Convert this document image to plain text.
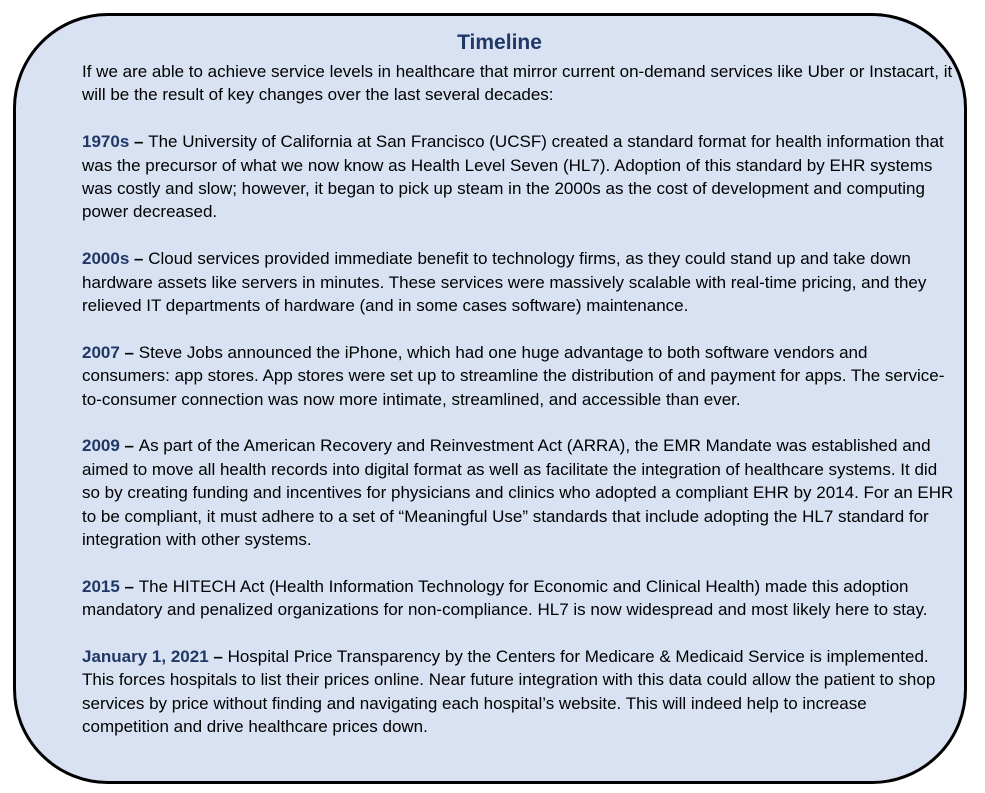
Timeline

If we are able to achieve service levels in healthcare that mirror current on-demand services like Uber or Instacart, it will be the result of key changes over the last several decades:

1970s – The University of California at San Francisco (UCSF) created a standard format for health information that was the precursor of what we now know as Health Level Seven (HL7). Adoption of this standard by EHR systems was costly and slow; however, it began to pick up steam in the 2000s as the cost of development and computing power decreased.

2000s – Cloud services provided immediate benefit to technology firms, as they could stand up and take down hardware assets like servers in minutes. These services were massively scalable with real-time pricing, and they relieved IT departments of hardware (and in some cases software) maintenance.

2007 – Steve Jobs announced the iPhone, which had one huge advantage to both software vendors and consumers: app stores. App stores were set up to streamline the distribution of and payment for apps. The service-to-consumer connection was now more intimate, streamlined, and accessible than ever.

2009 – As part of the American Recovery and Reinvestment Act (ARRA), the EMR Mandate was established and aimed to move all health records into digital format as well as facilitate the integration of healthcare systems. It did so by creating funding and incentives for physicians and clinics who adopted a compliant EHR by 2014. For an EHR to be compliant, it must adhere to a set of “Meaningful Use” standards that include adopting the HL7 standard for integration with other systems.

2015 – The HITECH Act (Health Information Technology for Economic and Clinical Health) made this adoption mandatory and penalized organizations for non-compliance. HL7 is now widespread and most likely here to stay.

January 1, 2021 – Hospital Price Transparency by the Centers for Medicare & Medicaid Service is implemented. This forces hospitals to list their prices online. Near future integration with this data could allow the patient to shop services by price without finding and navigating each hospital’s website. This will indeed help to increase competition and drive healthcare prices down.
